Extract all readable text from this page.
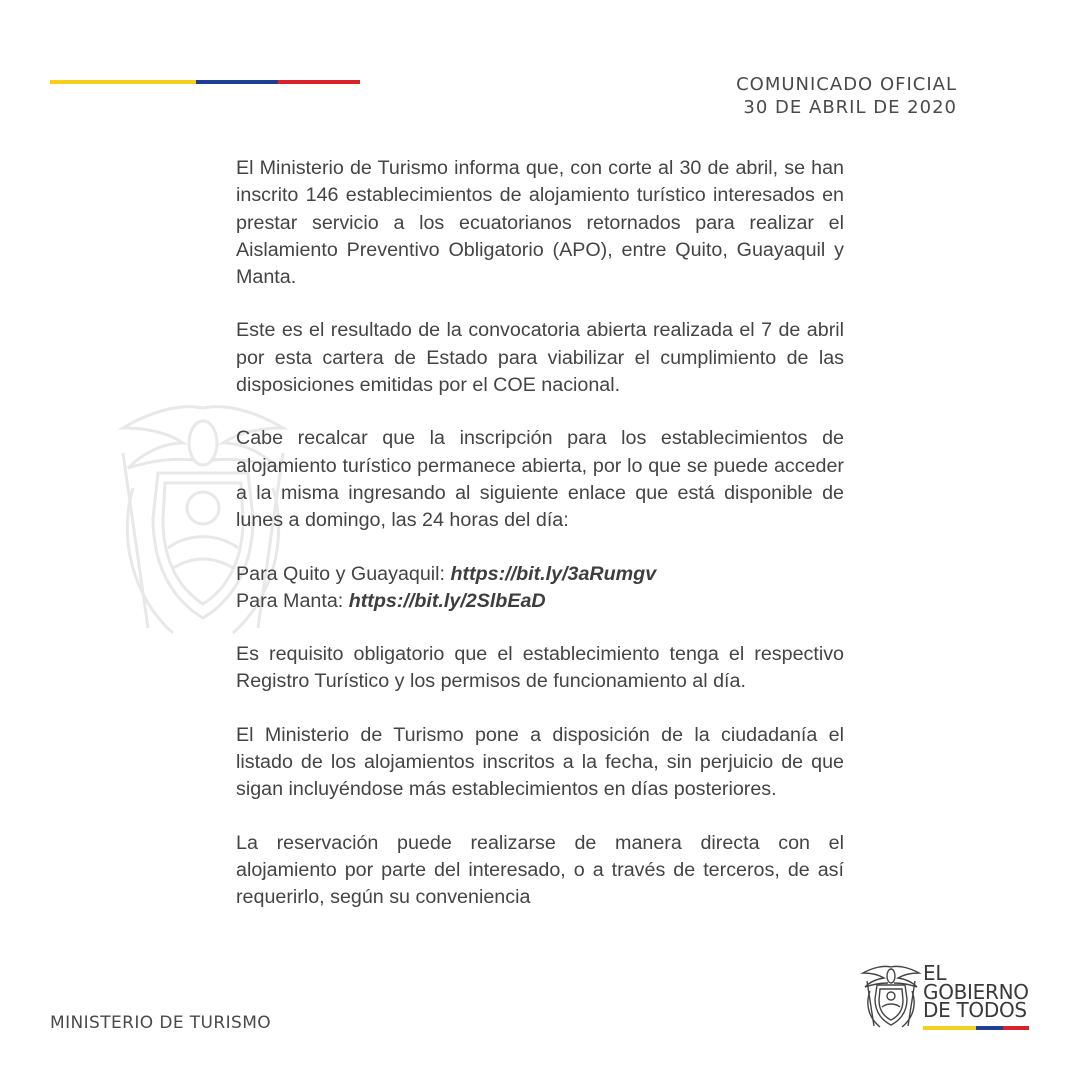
COMUNICADO OFICIAL
30 DE ABRIL DE 2020

El Ministerio de Turismo informa que, con corte al 30 de abril, se han inscrito 146 establecimientos de alojamiento turístico interesados en prestar servicio a los ecuatorianos retornados para realizar el Aislamiento Preventivo Obligatorio (APO), entre Quito, Guayaquil y Manta.

Este es el resultado de la convocatoria abierta realizada el 7 de abril por esta cartera de Estado para viabilizar el cumplimiento de las disposiciones emitidas por el COE nacional.

Cabe recalcar que la inscripción para los establecimientos de alojamiento turístico permanece abierta, por lo que se puede acceder a la misma ingresando al siguiente enlace que está disponible de lunes a domingo, las 24 horas del día:

Para Quito y Guayaquil: https://bit.ly/3aRumgv
Para Manta: https://bit.ly/2SlbEaD

Es requisito obligatorio que el establecimiento tenga el respectivo Registro Turístico y los permisos de funcionamiento al día.

El Ministerio de Turismo pone a disposición de la ciudadanía el listado de los alojamientos inscritos a la fecha, sin perjuicio de que sigan incluyéndose más establecimientos en días posteriores.

La reservación puede realizarse de manera directa con el alojamiento por parte del interesado, o a través de terceros, de así requerirlo, según su conveniencia

MINISTERIO DE TURISMO
EL
GOBIERNO
DE TODOS
